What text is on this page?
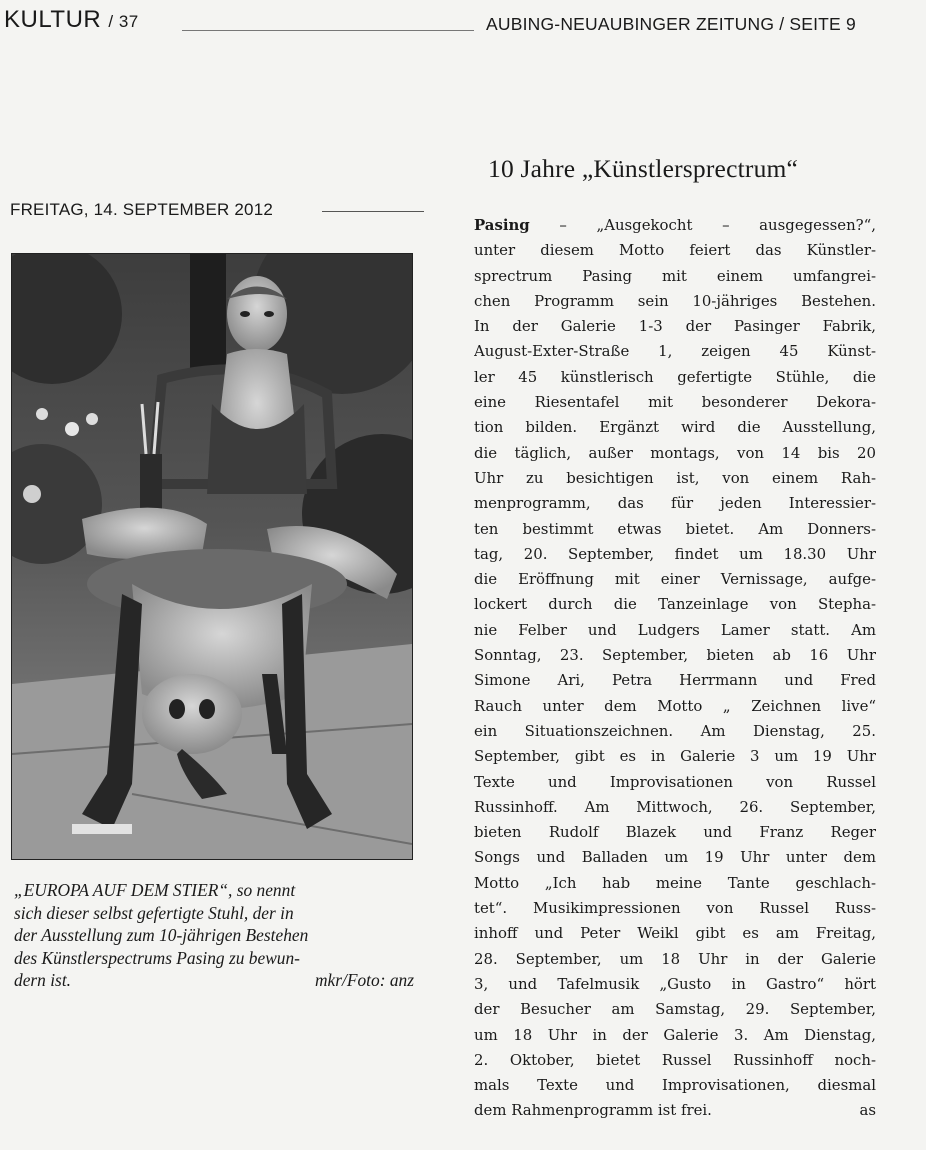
KULTUR / 37	AUBING-NEUAUBINGER ZEITUNG / SEITE 9
FREITAG, 14. SEPTEMBER 2012
„EUROPA AUF DEM STIER“, so nennt
sich dieser selbst gefertigte Stuhl, der in
der Ausstellung zum 10-jährigen Bestehen
des Künstlerspectrums Pasing zu bewun-
dern ist.	mkr/Foto: anz
10 Jahre „Künstlersprectrum“
Pasing – „Ausgekocht – ausgegessen?“,
unter diesem Motto feiert das Künstler-
sprectrum Pasing mit einem umfangrei-
chen Programm sein 10-jähriges Bestehen.
In der Galerie 1-3 der Pasinger Fabrik,
August-Exter-Straße 1, zeigen 45 Künst-
ler 45 künstlerisch gefertigte Stühle, die
eine Riesentafel mit besonderer Dekora-
tion bilden. Ergänzt wird die Ausstellung,
die täglich, außer montags, von 14 bis 20
Uhr zu besichtigen ist, von einem Rah-
menprogramm, das für jeden Interessier-
ten bestimmt etwas bietet. Am Donners-
tag, 20. September, findet um 18.30 Uhr
die Eröffnung mit einer Vernissage, aufge-
lockert durch die Tanzeinlage von Stepha-
nie Felber und Ludgers Lamer statt. Am
Sonntag, 23. September, bieten ab 16 Uhr
Simone Ari, Petra Herrmann und Fred
Rauch unter dem Motto „ Zeichnen live“
ein Situationszeichnen. Am Dienstag, 25.
September, gibt es in Galerie 3 um 19 Uhr
Texte und Improvisationen von Russel
Russinhoff. Am Mittwoch, 26. September,
bieten Rudolf Blazek und Franz Reger
Songs und Balladen um 19 Uhr unter dem
Motto „Ich hab meine Tante geschlach-
tet“. Musikimpressionen von Russel Russ-
inhoff und Peter Weikl gibt es am Freitag,
28. September, um 18 Uhr in der Galerie
3, und Tafelmusik „Gusto in Gastro“ hört
der Besucher am Samstag, 29. September,
um 18 Uhr in der Galerie 3. Am Dienstag,
2. Oktober, bietet Russel Russinhoff noch-
mals Texte und Improvisationen, diesmal
dem Rahmenprogramm ist frei.	as
